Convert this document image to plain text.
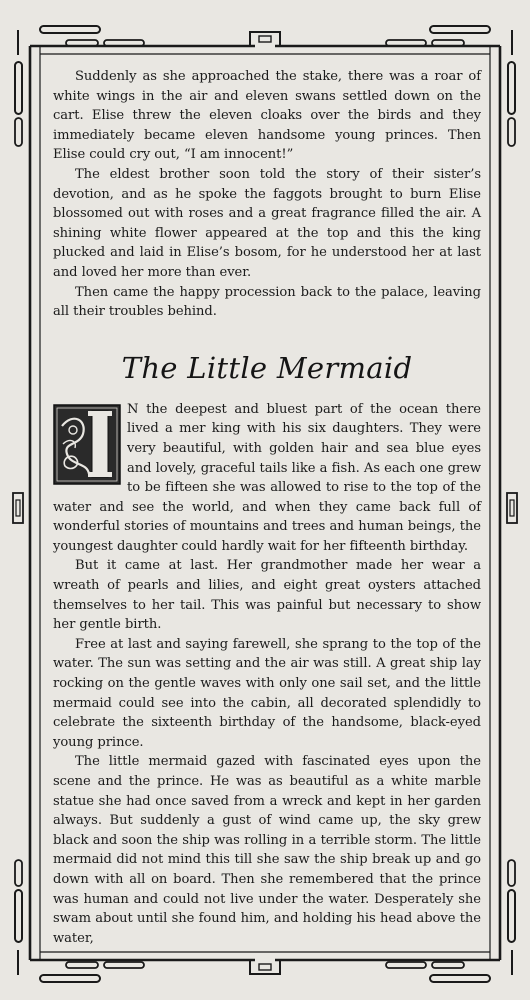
Suddenly as she approached the stake, there was a roar of white wings in the air and eleven swans settled down on the cart. Elise threw the eleven cloaks over the birds and they immediately became eleven handsome young princes. Then Elise could cry out, “I am innocent!”

The eldest brother soon told the story of their sister’s devotion, and as he spoke the faggots brought to burn Elise blossomed out with roses and a great fragrance filled the air. A shining white flower appeared at the top and this the king plucked and laid in Elise’s bosom, for he understood her at last and loved her more than ever.

Then came the happy procession back to the palace, leaving all their troubles behind.

The Little Mermaid

N the deepest and bluest part of the ocean there lived a mer king with his six daughters. They were very beautiful, with golden hair and sea blue eyes and lovely, graceful tails like a fish. As each one grew to be fifteen she was allowed to rise to the top of the water and see the world, and when they came back full of wonderful stories of mountains and trees and human beings, the youngest daughter could hardly wait for her fifteenth birthday.

But it came at last. Her grandmother made her wear a wreath of pearls and lilies, and eight great oysters attached themselves to her tail. This was painful but necessary to show her gentle birth.

Free at last and saying farewell, she sprang to the top of the water. The sun was setting and the air was still. A great ship lay rocking on the gentle waves with only one sail set, and the little mermaid could see into the cabin, all decorated splendidly to celebrate the sixteenth birthday of the handsome, black-eyed young prince.

The little mermaid gazed with fascinated eyes upon the scene and the prince. He was as beautiful as a white marble statue she had once saved from a wreck and kept in her garden always. But suddenly a gust of wind came up, the sky grew black and soon the ship was rolling in a terrible storm. The little mermaid did not mind this till she saw the ship break up and go down with all on board. Then she remembered that the prince was human and could not live under the water. Desperately she swam about until she found him, and holding his head above the water,
